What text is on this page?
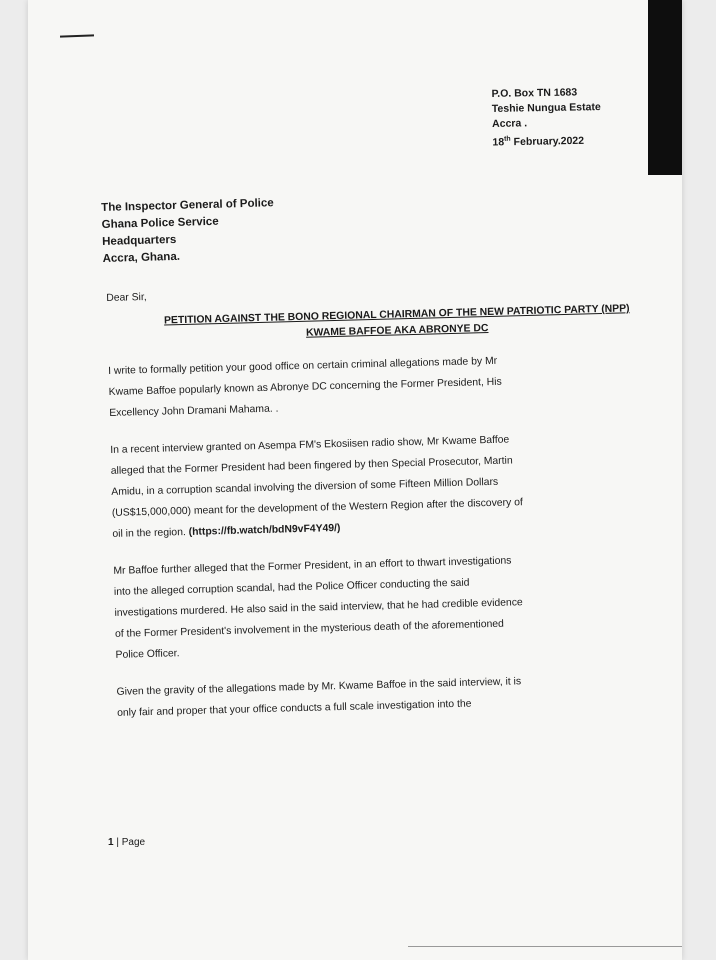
P.O. Box TN 1683
Teshie Nungua Estate
Accra .
18th February.2022
The Inspector General of Police
Ghana Police Service
Headquarters
Accra, Ghana.
Dear Sir,
PETITION AGAINST THE BONO REGIONAL CHAIRMAN OF THE NEW PATRIOTIC PARTY (NPP)
KWAME BAFFOE AKA ABRONYE DC
I write to formally petition your good office on certain criminal allegations made by Mr
Kwame Baffoe popularly known as Abronye DC concerning the Former President, His
Excellency John Dramani Mahama. .
In a recent interview granted on Asempa FM's Ekosiisen radio show, Mr Kwame Baffoe
alleged that the Former President had been fingered by then Special Prosecutor, Martin
Amidu, in a corruption scandal involving the diversion of some Fifteen Million Dollars
(US$15,000,000) meant for the development of the Western Region after the discovery of
oil in the region. (https://fb.watch/bdN9vF4Y49/)
Mr Baffoe further alleged that the Former President, in an effort to thwart investigations
into the alleged corruption scandal, had the Police Officer conducting the said
investigations murdered. He also said in the said interview, that he had credible evidence
of the Former President's involvement in the mysterious death of the aforementioned
Police Officer.
Given the gravity of the allegations made by Mr. Kwame Baffoe in the said interview, it is
only fair and proper that your office conducts a full scale investigation into the
1 | Page
